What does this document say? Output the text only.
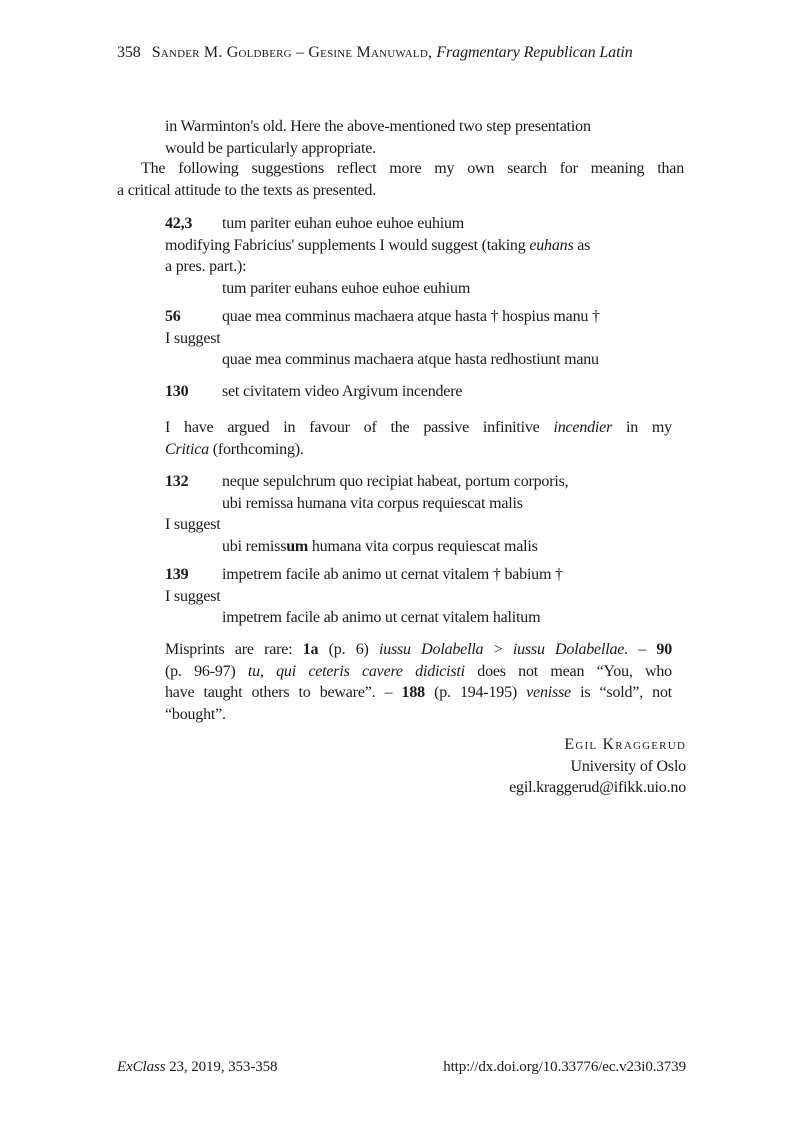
358 Sander M. Goldberg – Gesine Manuwald, Fragmentary Republican Latin
in Warminton's old. Here the above-mentioned two step presentation
would be particularly appropriate.
The following suggestions reflect more my own search for meaning than
a critical attitude to the texts as presented.
42,3 tum pariter euhan euhoe euhoe euhium
modifying Fabricius' supplements I would suggest (taking euhans as
a pres. part.):
tum pariter euhans euhoe euhoe euhium
56	quae mea comminus machaera atque hasta † hospius manu †
I suggest
quae mea comminus machaera atque hasta redhostiunt manu
130 set civitatem video Argivum incendere
I have argued in favour of the passive infinitive incendier in my
Critica (forthcoming).
132 neque sepulchrum quo recipiat habeat, portum corporis,
ubi remissa humana vita corpus requiescat malis
I suggest
ubi remissum humana vita corpus requiescat malis
139 impetrem facile ab animo ut cernat vitalem † babium †
I suggest
impetrem facile ab animo ut cernat vitalem halitum
Misprints are rare: 1a (p. 6) iussu Dolabella > iussu Dolabellae. – 90
(p. 96-97) tu, qui ceteris cavere didicisti does not mean “You, who
have taught others to beware”. – 188 (p. 194-195) venisse is “sold”, not
“bought”.
Egil Kraggerud
University of Oslo
egil.kraggerud@ifikk.uio.no
ExClass 23, 2019, 353-358	http://dx.doi.org/10.33776/ec.v23i0.3739
